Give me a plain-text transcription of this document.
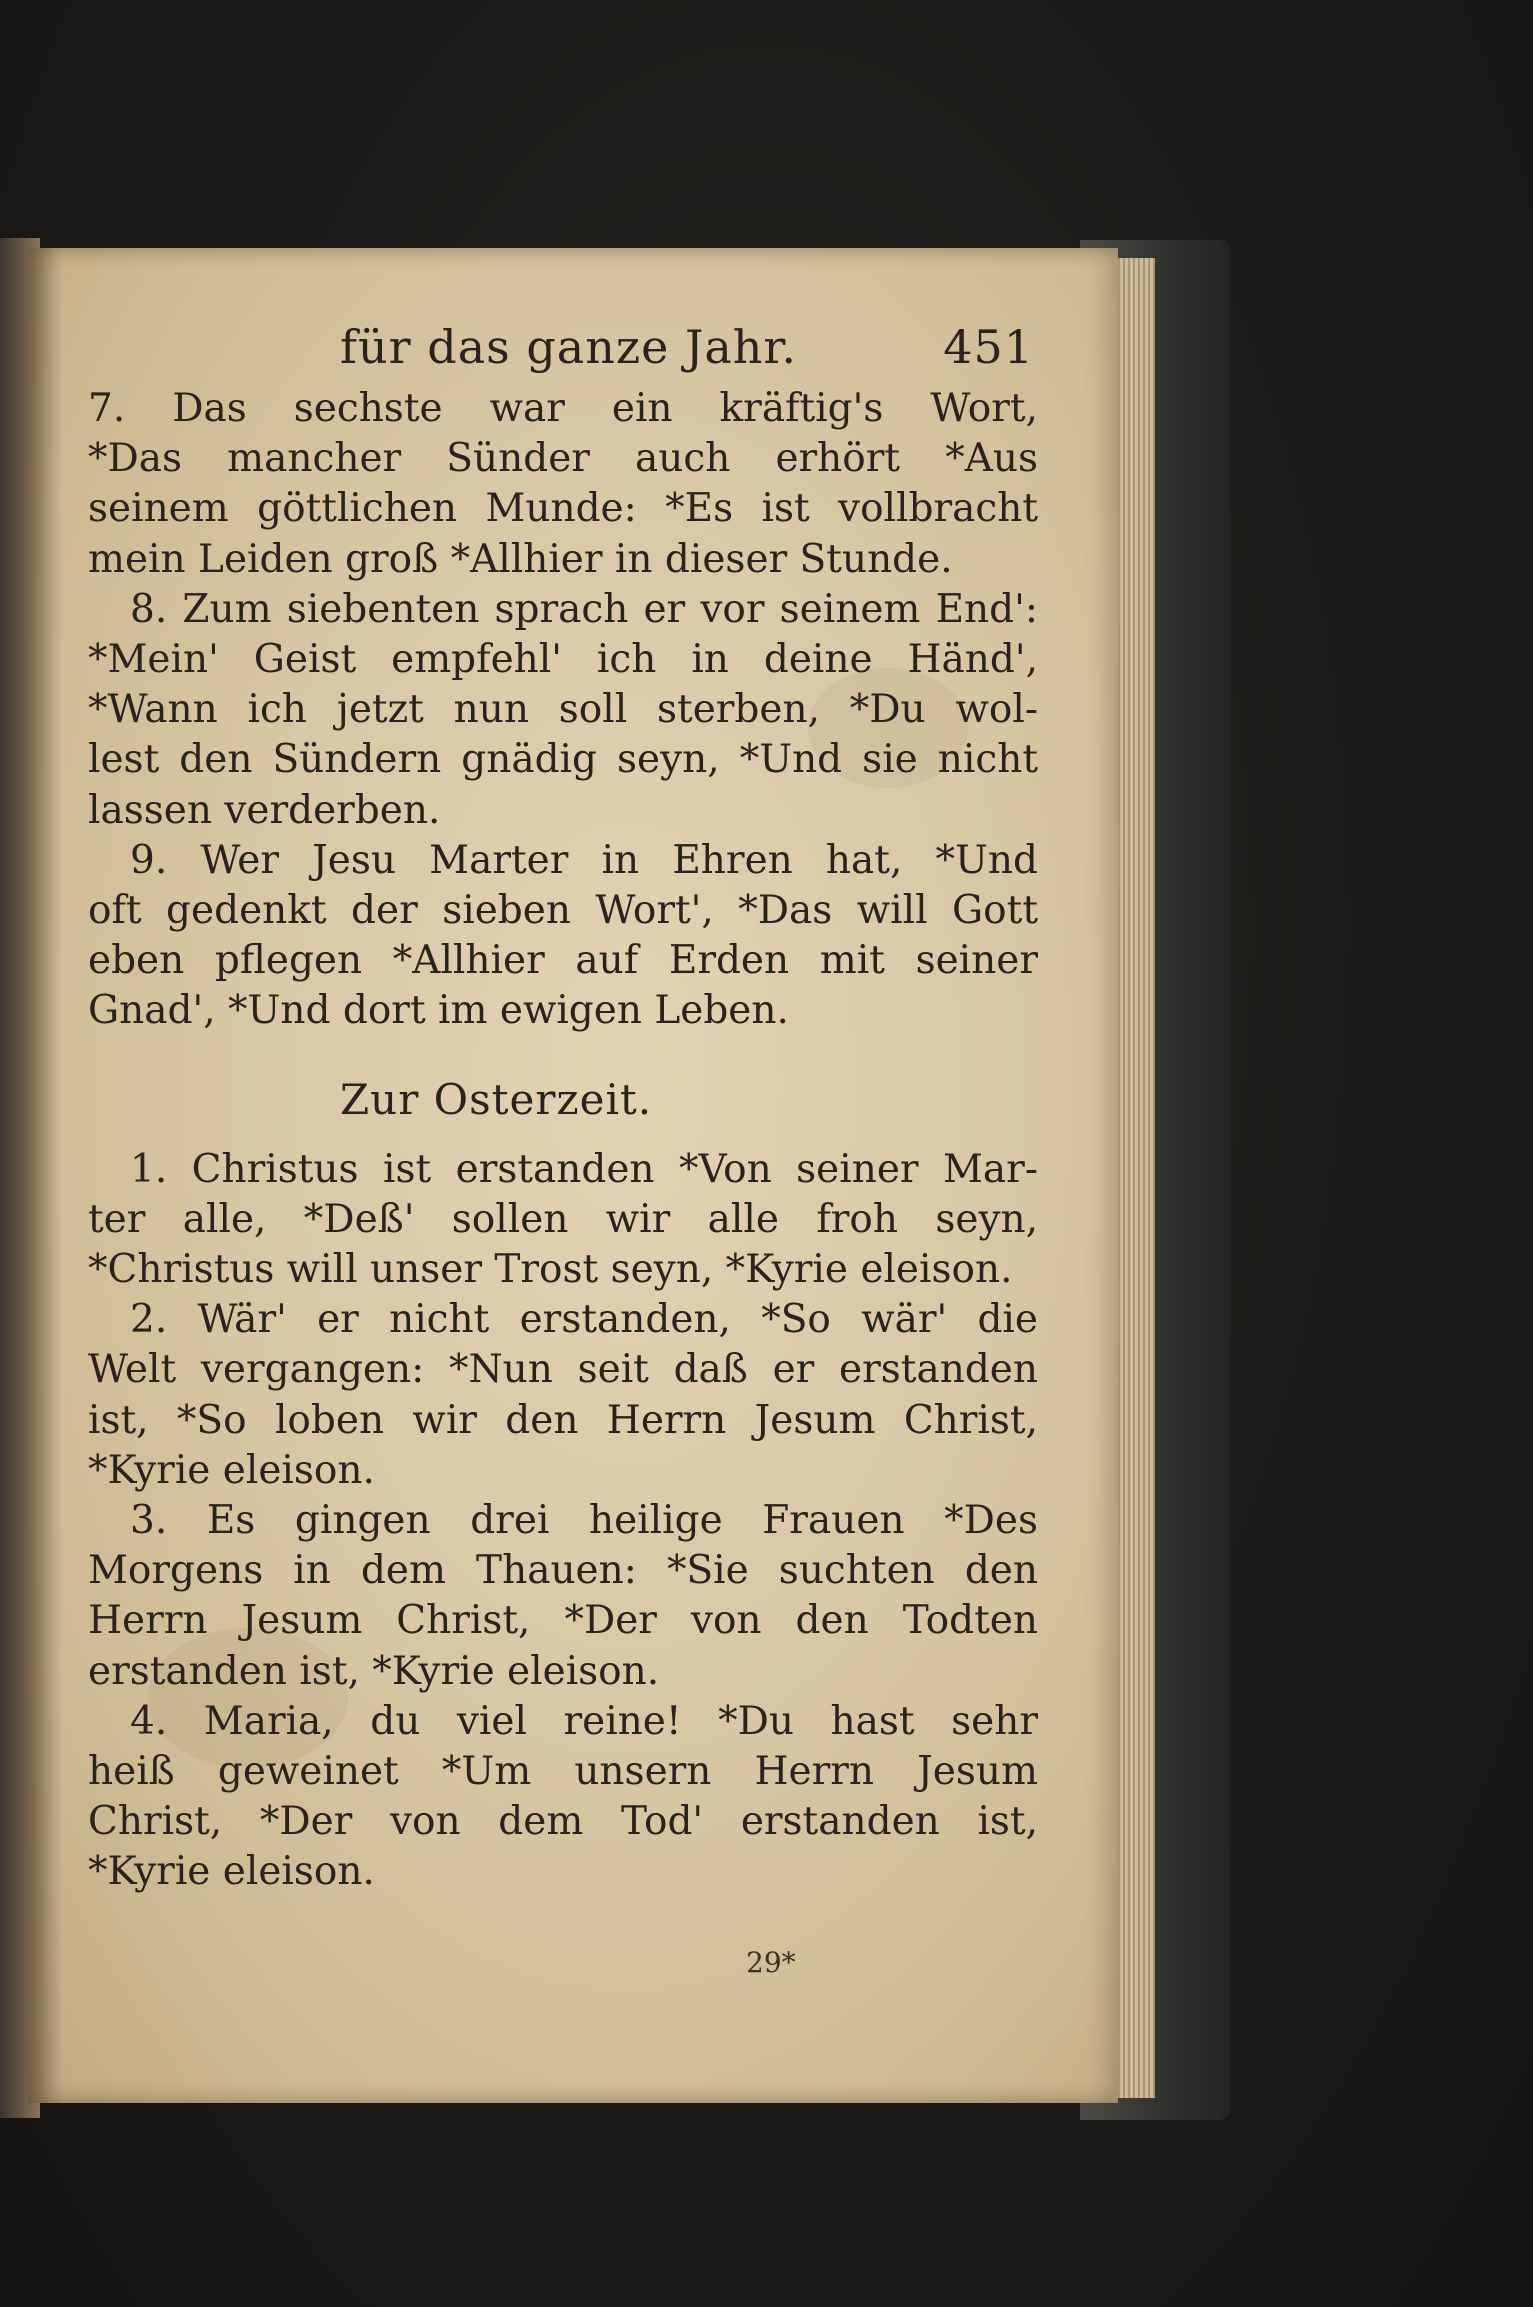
für das ganze Jahr.	451
7. Das sechste war ein kräftig's Wort,
*Das mancher Sünder auch erhört *Aus
seinem göttlichen Munde: *Es ist vollbracht
mein Leiden groß *Allhier in dieser Stunde.
8. Zum siebenten sprach er vor seinem End':
*Mein' Geist empfehl' ich in deine Händ',
*Wann ich jetzt nun soll sterben, *Du wol-
lest den Sündern gnädig seyn, *Und sie nicht
lassen verderben.
9. Wer Jesu Marter in Ehren hat, *Und
oft gedenkt der sieben Wort', *Das will Gott
eben pflegen *Allhier auf Erden mit seiner
Gnad', *Und dort im ewigen Leben.
Zur Osterzeit.
1. Christus ist erstanden *Von seiner Mar-
ter alle, *Deß' sollen wir alle froh seyn,
*Christus will unser Trost seyn, *Kyrie eleison.
2. Wär' er nicht erstanden, *So wär' die
Welt vergangen: *Nun seit daß er erstanden
ist, *So loben wir den Herrn Jesum Christ,
*Kyrie eleison.
3. Es gingen drei heilige Frauen *Des
Morgens in dem Thauen: *Sie suchten den
Herrn Jesum Christ, *Der von den Todten
erstanden ist, *Kyrie eleison.
4. Maria, du viel reine! *Du hast sehr
heiß geweinet *Um unsern Herrn Jesum
Christ, *Der von dem Tod' erstanden ist,
*Kyrie eleison.
29*
